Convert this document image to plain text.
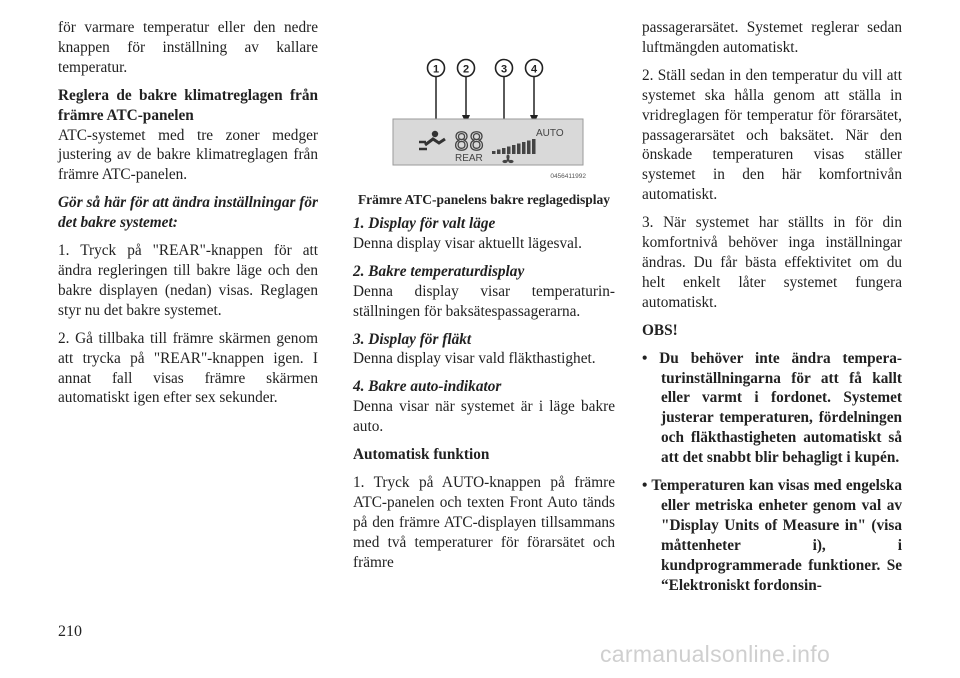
för varmare temperatur eller den nedre knappen för inställning av kallare temperatur.

Reglera de bakre klimatreglagen från främre ATC-panelen

ATC-systemet med tre zoner medger justering av de bakre klimatreglagen från främre ATC-panelen.

Gör så här för att ändra inställningar för det bakre systemet:

1. Tryck på "REAR"-knappen för att ändra regleringen till bakre läge och den bakre displayen (nedan) visas. Reglagen styr nu det bakre systemet.

2. Gå tillbaka till främre skärmen genom att trycka på "REAR"-knappen igen. I annat fall visas främre skärmen automatiskt igen efter sex sekunder.

1 2	3 4
88
REAR
AUTO
0456411992

Främre ATC-panelens bakre reglagedisplay

1. Display för valt läge

Denna display visar aktuellt lägesval.

2. Bakre temperaturdisplay

Denna display visar temperaturinställningen för baksätespassagerarna.

3. Display för fläkt

Denna display visar vald fläkthastighet.

4. Bakre auto-indikator

Denna visar när systemet är i läge bakre auto.

Automatisk funktion

1. Tryck på AUTO-knappen på främre ATC-panelen och texten Front Auto tänds på den främre ATC-displayen tillsammans med två temperaturer för förarsätet och främre

passagerarsätet. Systemet reglerar sedan luftmängden automatiskt.

2. Ställ sedan in den temperatur du vill att systemet ska hålla genom att ställa in vridreglagen för temperatur för förarsätet, passagerarsätet och baksätet. När den önskade temperaturen visas ställer systemet in den här komfortnivån automatiskt.

3. När systemet har ställts in för din komfortnivå behöver inga inställningar ändras. Du får bästa effektivitet om du helt enkelt låter systemet fungera automatiskt.

OBS!

• Du behöver inte ändra temperaturinställningarna för att få kallt eller varmt i fordonet. Systemet justerar temperaturen, fördelningen och fläkthastigheten automatiskt så att det snabbt blir behagligt i kupén.

• Temperaturen kan visas med engelska eller metriska enheter genom val av "Display Units of Measure in" (visa måttenheter i), i kundprogrammerade funktioner. Se “Elektroniskt fordonsin-

210
carmanualsonline.info
